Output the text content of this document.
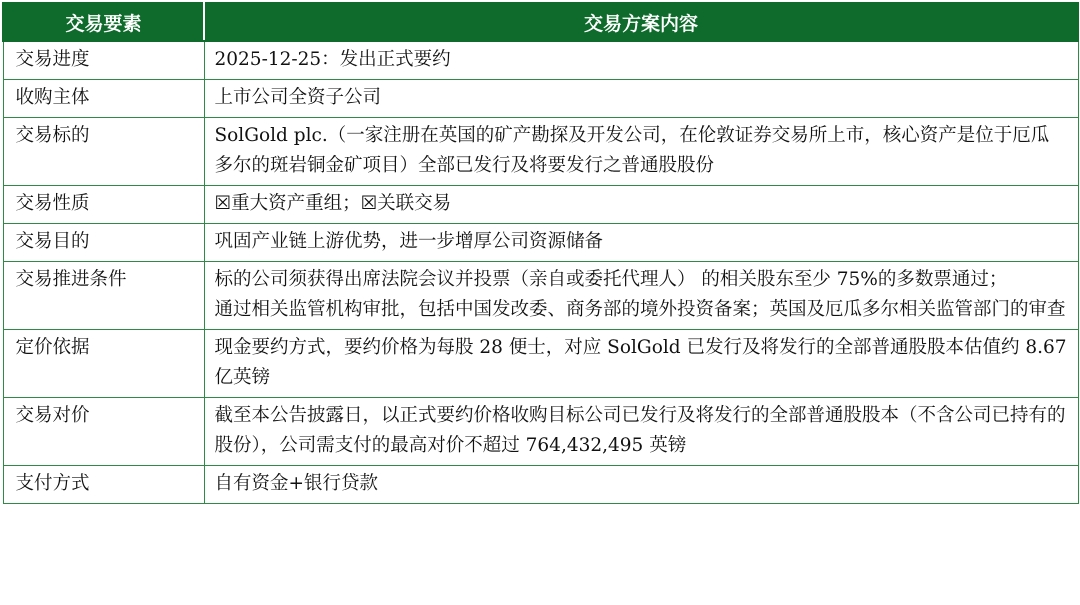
交易要素	交易方案内容
交易进度	2025-12-25：发出正式要约

收购主体	上市公司全资子公司

交易标的	SolGold plc.（一家注册在英国的矿产勘探及开发公司，在伦敦证券交易所上市，核心资产是位于厄瓜多尔的斑岩铜金矿项目）全部已发行及将要发行之普通股股份

交易性质	☒重大资产重组；☒关联交易

交易目的	巩固产业链上游优势，进一步增厚公司资源储备

交易推进条件	标的公司须获得出席法院会议并投票（亲自或委托代理人） 的相关股东至少 75%的多数票通过；
通过相关监管机构审批，包括中国发改委、商务部的境外投资备案；英国及厄瓜多尔相关监管部门的审查

定价依据	现金要约方式，要约价格为每股 28 便士，对应 SolGold 已发行及将发行的全部普通股股本估值约 8.67 亿英镑

交易对价	截至本公告披露日，以正式要约价格收购目标公司已发行及将发行的全部普通股股本（不含公司已持有的股份），公司需支付的最高对价不超过 764,432,495 英镑

支付方式	自有资金+银行贷款
